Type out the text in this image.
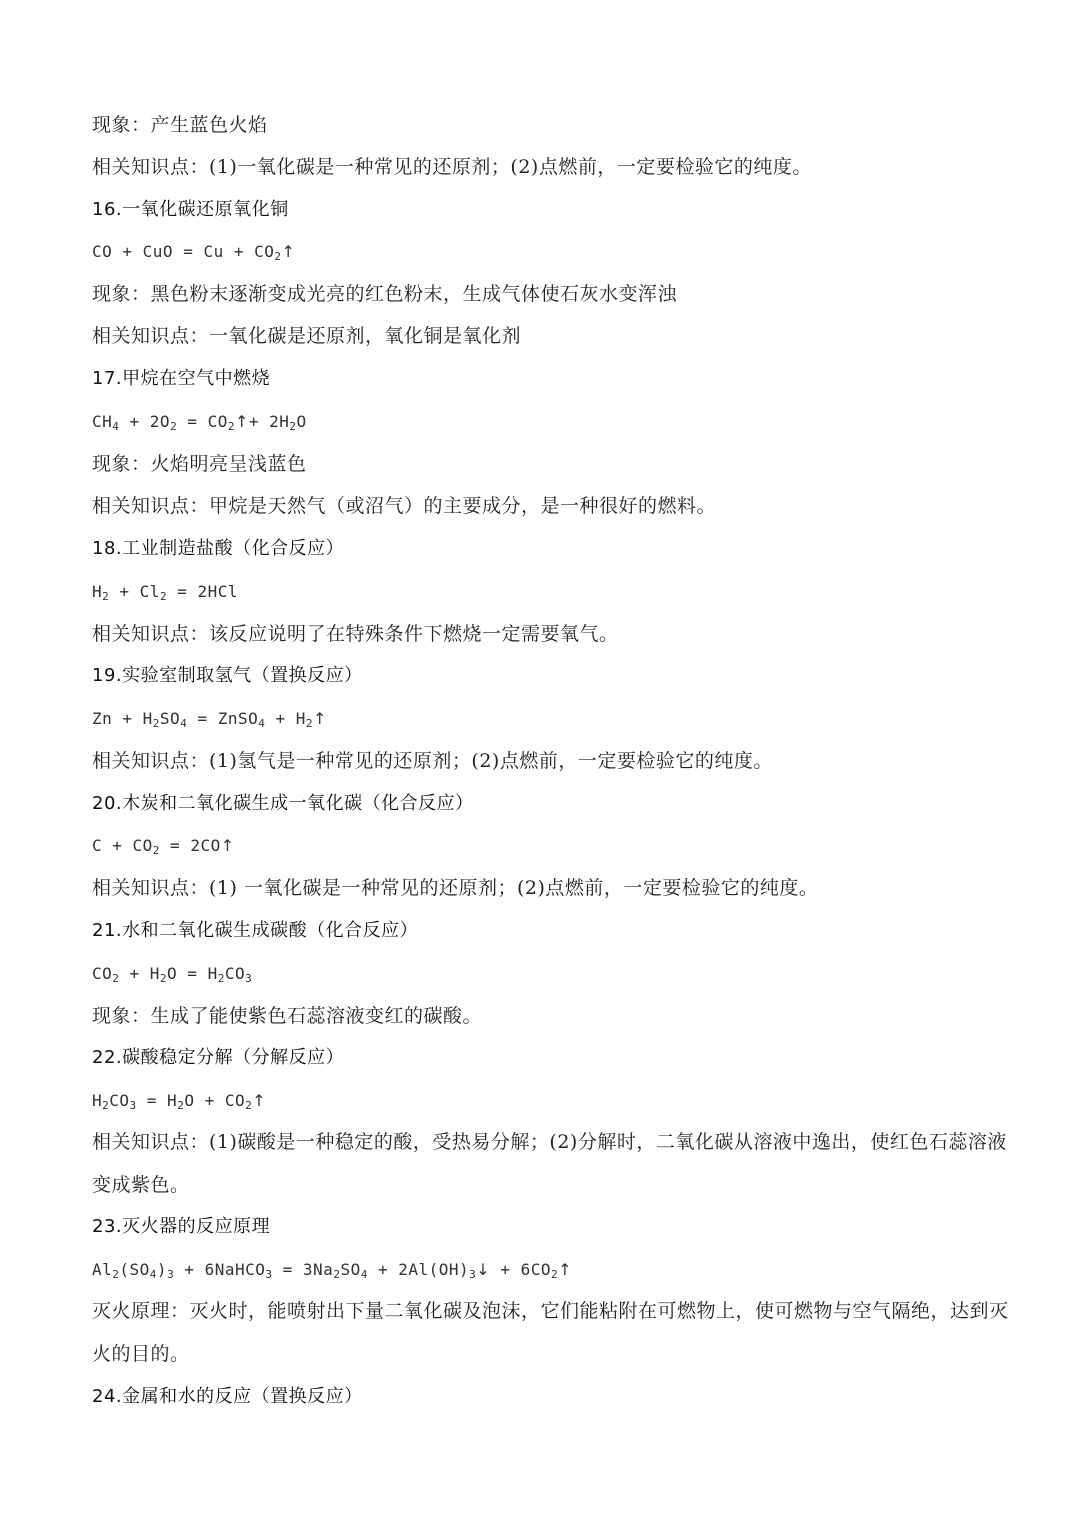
现象：产生蓝色火焰
相关知识点：(1)一氧化碳是一种常见的还原剂；(2)点燃前，一定要检验它的纯度。
16.一氧化碳还原氧化铜
CO + CuO = $Cu + CO_2↑$
现象：黑色粉末逐渐变成光亮的红色粉末，生成气体使石灰水变浑浊
相关知识点：一氧化碳是还原剂，氧化铜是氧化剂
17.甲烷在空气中燃烧
$CH_4 + 2O_2$ = $CO_2↑+ 2H_2O$
现象：火焰明亮呈浅蓝色
相关知识点：甲烷是天然气（或沼气）的主要成分，是一种很好的燃料。
18.工业制造盐酸（化合反应）
$H_2 + Cl_2 = 2HCl$
相关知识点：该反应说明了在特殊条件下燃烧一定需要氧气。
19.实验室制取氢气（置换反应）
$Zn + H_2SO_4$ = ZnSO$_4$ + $H_2↑$
相关知识点：(1)氢气是一种常见的还原剂；(2)点燃前，一定要检验它的纯度。
20.木炭和二氧化碳生成一氧化碳（化合反应）
$C + CO_2$ = 2CO↑
相关知识点：(1) 一氧化碳是一种常见的还原剂；(2)点燃前，一定要检验它的纯度。
21.水和二氧化碳生成碳酸（化合反应）
$CO_2 + H_2O = H_2CO_3$
现象：生成了能使紫色石蕊溶液变红的碳酸。
22.碳酸稳定分解（分解反应）
$H_2CO_3 = H_2O$ + $CO_2↑$
相关知识点：(1)碳酸是一种稳定的酸，受热易分解；(2)分解时，二氧化碳从溶液中逸出，使红色石蕊溶液变成紫色。
23.灭火器的反应原理
$Al_2(SO_4)_3$ + 6NaHCO$_3$ = $3Na_2SO_4$ + $2Al(OH)_3↓$ + $6CO_2↑$
灭火原理：灭火时，能喷射出下量二氧化碳及泡沫，它们能粘附在可燃物上，使可燃物与空气隔绝，达到灭火的目的。
24.金属和水的反应（置换反应）
